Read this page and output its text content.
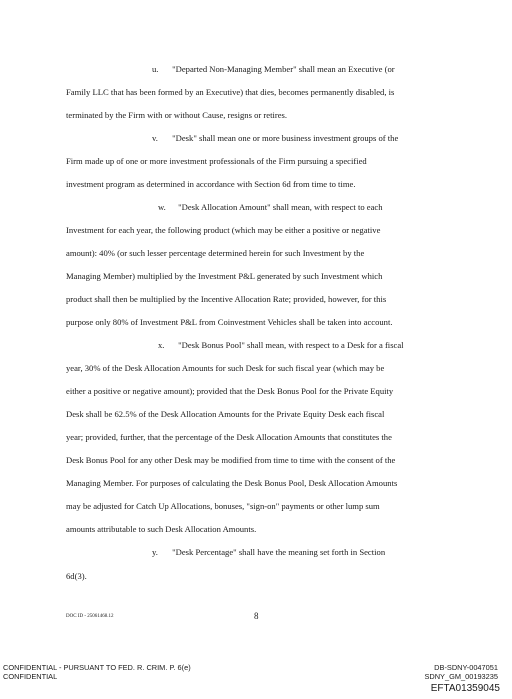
u. "Departed Non-Managing Member" shall mean an Executive (or
Family LLC that has been formed by an Executive) that dies, becomes permanently disabled, is
terminated by the Firm with or without Cause, resigns or retires.
v. "Desk" shall mean one or more business investment groups of the
Firm made up of one or more investment professionals of the Firm pursuing a specified
investment program as determined in accordance with Section 6d from time to time.
w. "Desk Allocation Amount" shall mean, with respect to each
Investment for each year, the following product (which may be either a positive or negative
amount): 40% (or such lesser percentage determined herein for such Investment by the
Managing Member) multiplied by the Investment P&L generated by such Investment which
product shall then be multiplied by the Incentive Allocation Rate; provided, however, for this
purpose only 80% of Investment P&L from Coinvestment Vehicles shall be taken into account.
x. "Desk Bonus Pool" shall mean, with respect to a Desk for a fiscal
year, 30% of the Desk Allocation Amounts for such Desk for such fiscal year (which may be
either a positive or negative amount); provided that the Desk Bonus Pool for the Private Equity
Desk shall be 62.5% of the Desk Allocation Amounts for the Private Equity Desk each fiscal
year; provided, further, that the percentage of the Desk Allocation Amounts that constitutes the
Desk Bonus Pool for any other Desk may be modified from time to time with the consent of the
Managing Member. For purposes of calculating the Desk Bonus Pool, Desk Allocation Amounts
may be adjusted for Catch Up Allocations, bonuses, "sign-on" payments or other lump sum
amounts attributable to such Desk Allocation Amounts.
y. "Desk Percentage" shall have the meaning set forth in Section
6d(3).
DOC ID - 25061468.12	8
CONFIDENTIAL - PURSUANT TO FED. R. CRIM. P. 6(e)
CONFIDENTIAL
DB-SDNY-0047051
SDNY_GM_00193235
EFTA01359045
